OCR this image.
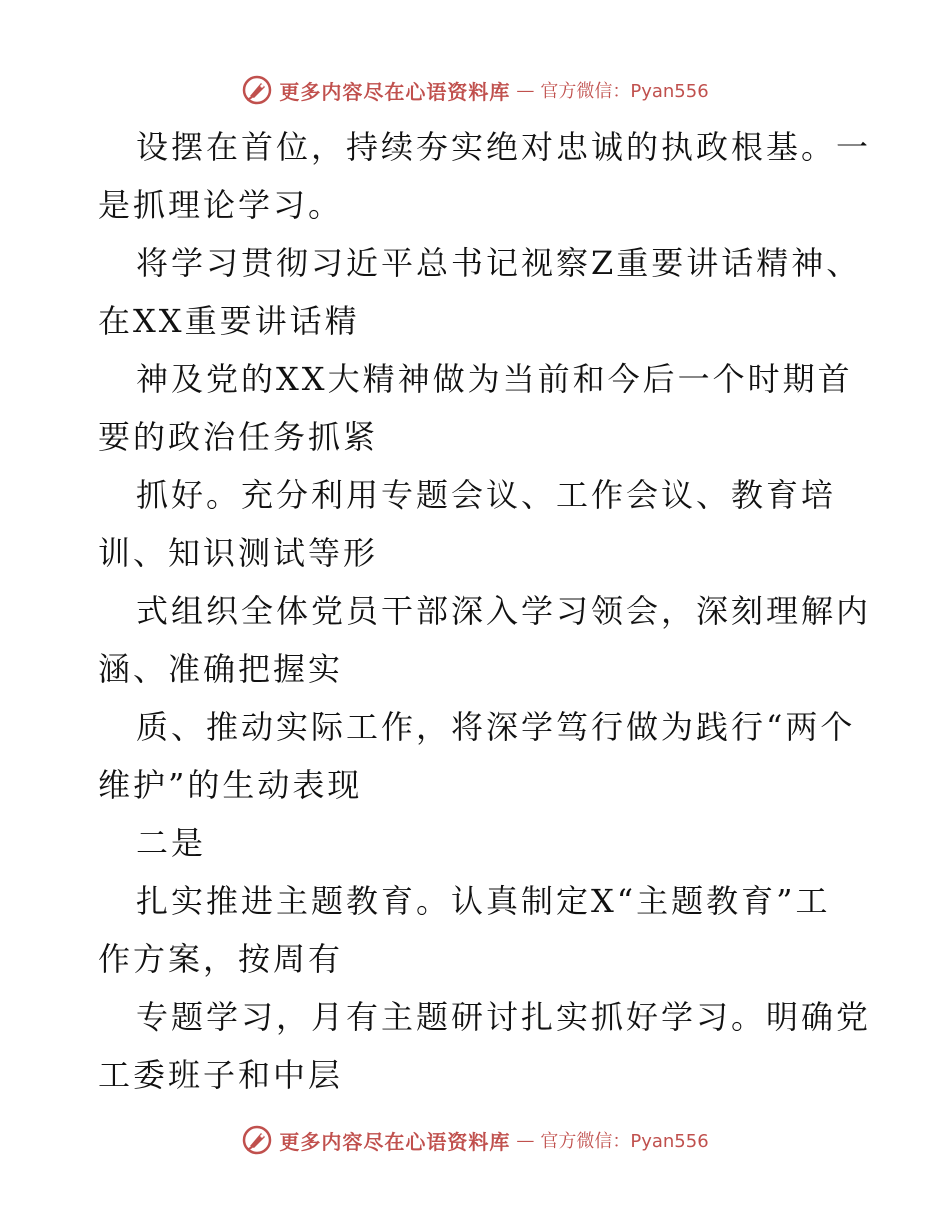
更多内容尽在心语资料库 — 官方微信：Pyan556
设摆在首位，持续夯实绝对忠诚的执政根基。一
是抓理论学习。
将学习贯彻习近平总书记视察Z重要讲话精神、
在XX重要讲话精
神及党的XX大精神做为当前和今后一个时期首
要的政治任务抓紧
抓好。充分利用专题会议、工作会议、教育培
训、知识测试等形
式组织全体党员干部深入学习领会，深刻理解内
涵、准确把握实
质、推动实际工作，将深学笃行做为践行“两个
维护”的生动表现
二是
扎实推进主题教育。认真制定X“主题教育”工
作方案，按周有
专题学习，月有主题研讨扎实抓好学习。明确党
工委班子和中层
更多内容尽在心语资料库 — 官方微信：Pyan556
